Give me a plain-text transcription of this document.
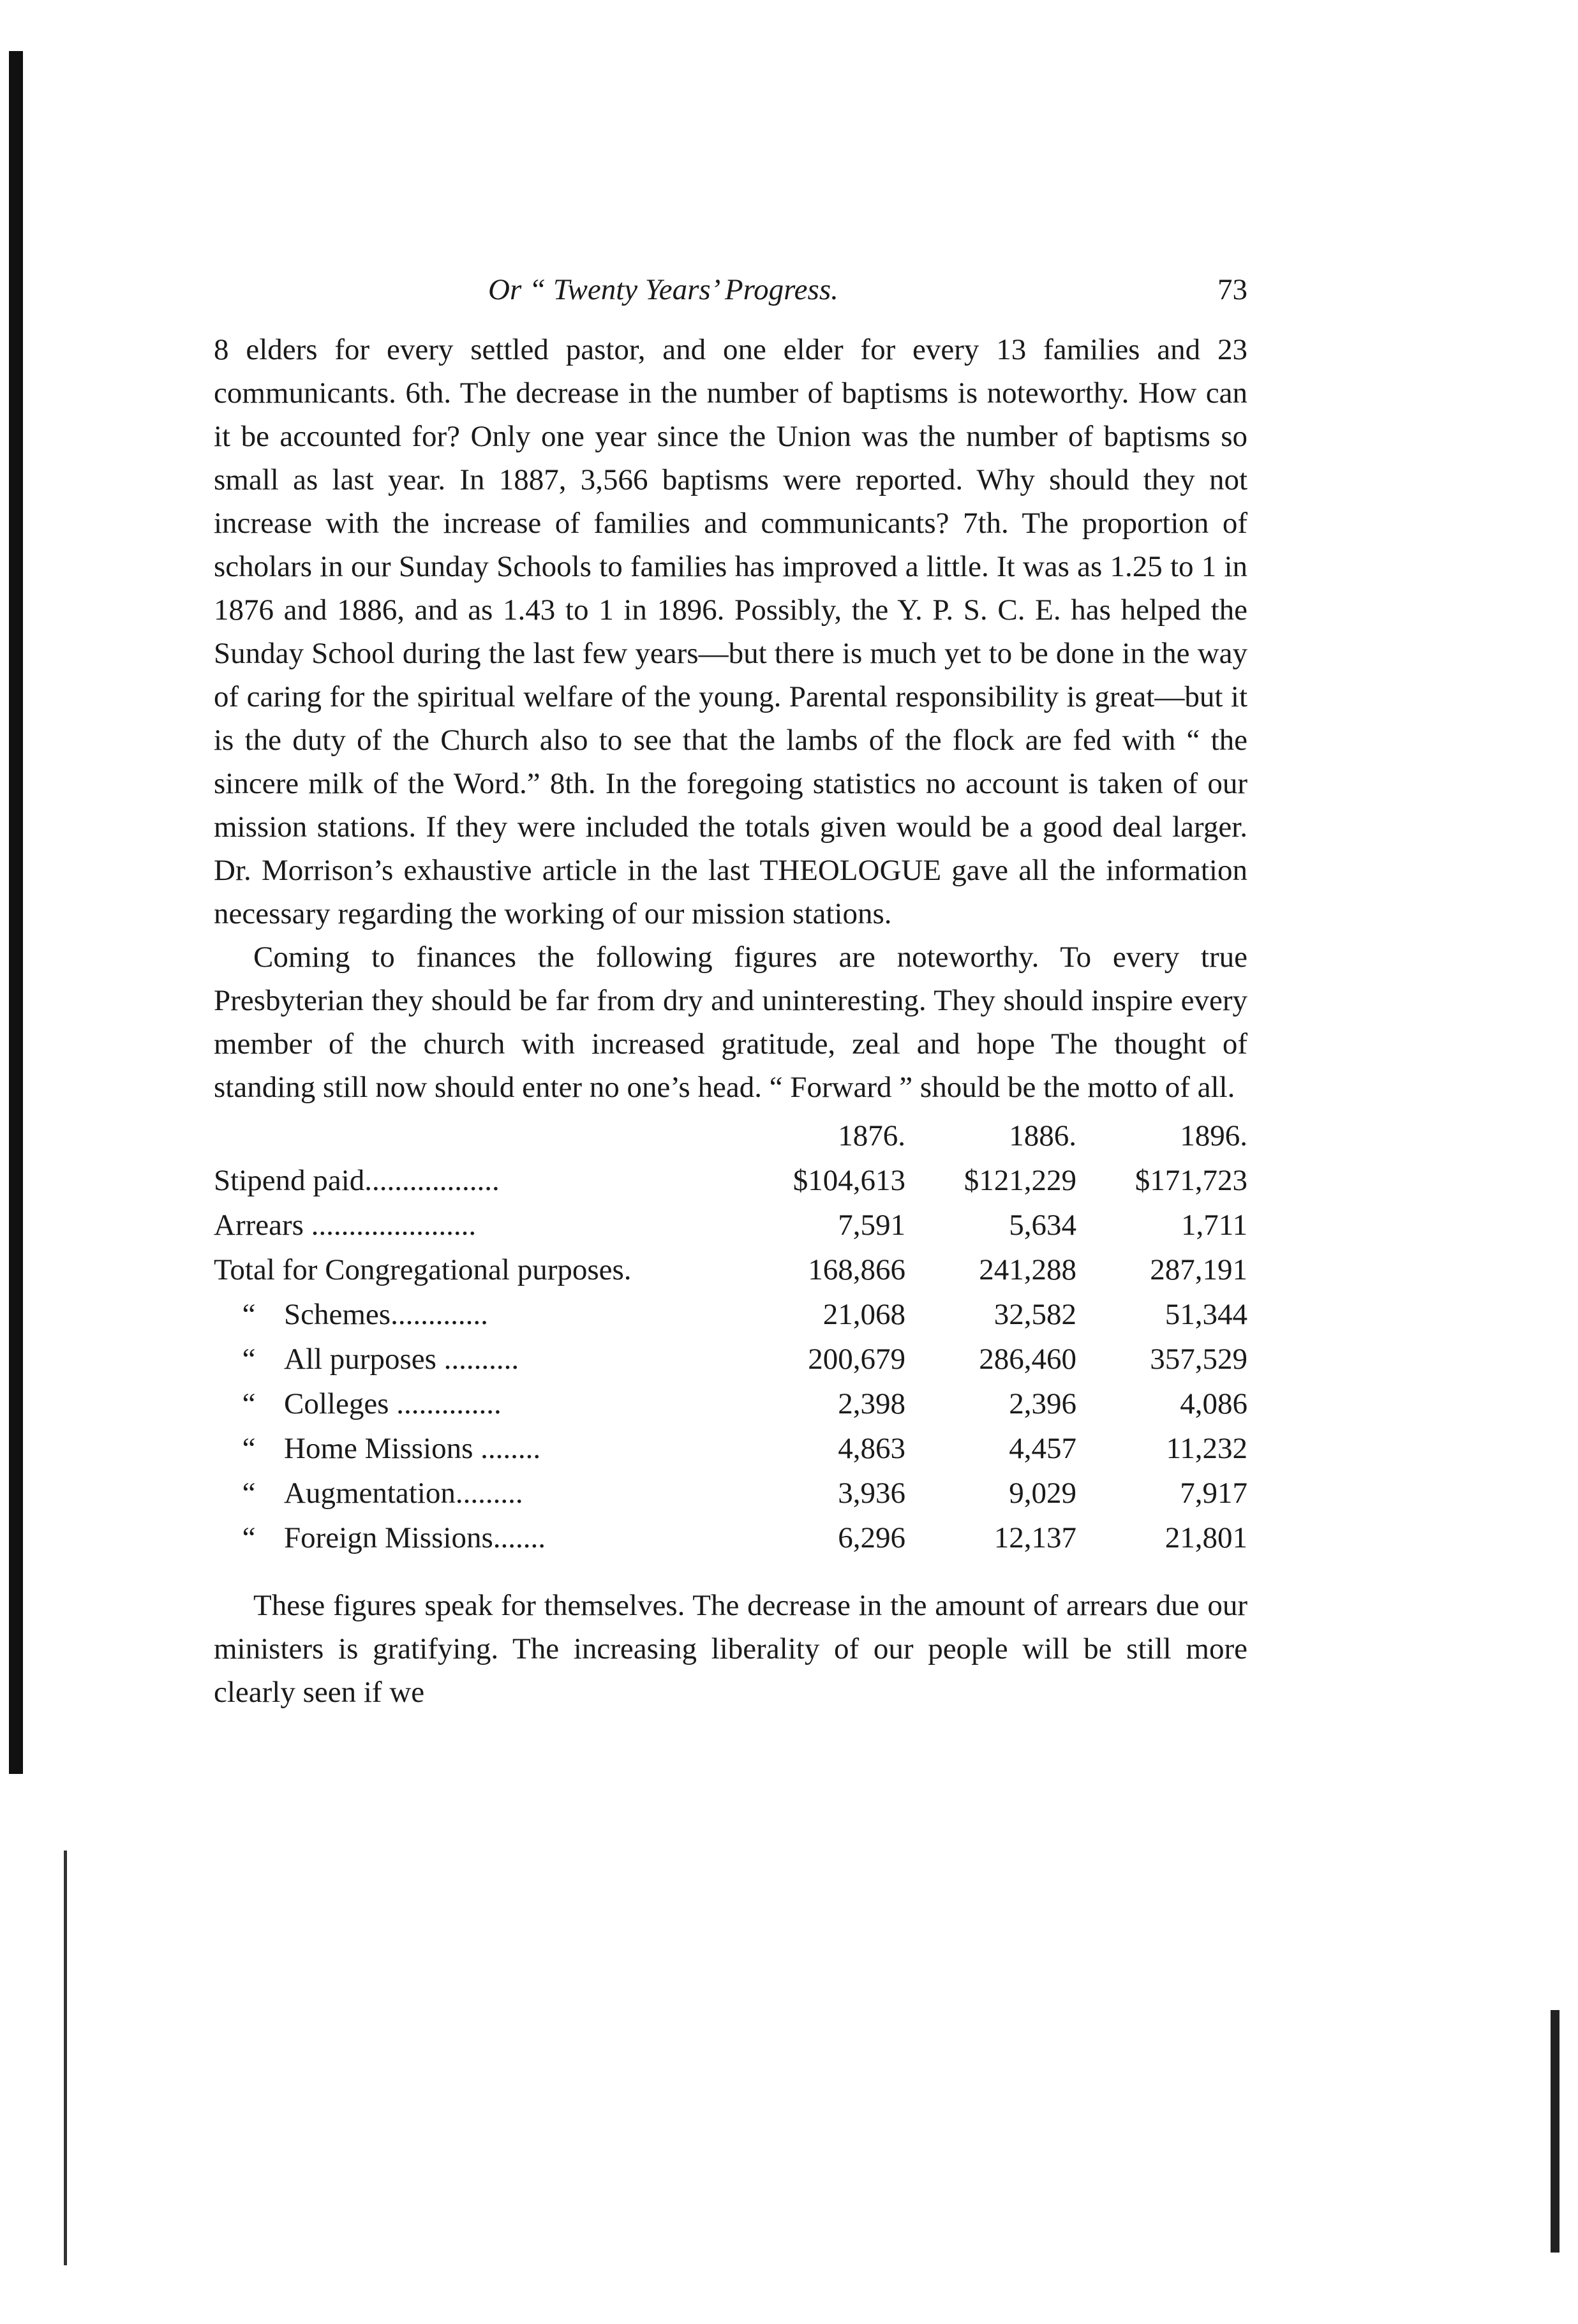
Or “ Twenty Years’ Progress.	73

8 elders for every settled pastor, and one elder for every 13 families and 23 communicants. 6th. The decrease in the number of baptisms is noteworthy. How can it be accounted for? Only one year since the Union was the number of baptisms so small as last year. In 1887, 3,566 baptisms were reported. Why should they not increase with the increase of families and communicants? 7th. The proportion of scholars in our Sunday Schools to families has improved a little. It was as 1.25 to 1 in 1876 and 1886, and as 1.43 to 1 in 1896. Possibly, the Y. P. S. C. E. has helped the Sunday School during the last few years—but there is much yet to be done in the way of caring for the spiritual welfare of the young. Parental responsibility is great—but it is the duty of the Church also to see that the lambs of the flock are fed with “ the sincere milk of the Word.” 8th. In the foregoing statistics no account is taken of our mission stations. If they were included the totals given would be a good deal larger. Dr. Morrison’s exhaustive article in the last THEOLOGUE gave all the information necessary regarding the working of our mission stations.

Coming to finances the following figures are noteworthy. To every true Presbyterian they should be far from dry and uninteresting. They should inspire every member of the church with increased gratitude, zeal and hope The thought of standing still now should enter no one’s head. “ Forward ” should be the motto of all.

1876.	1886.	1896.
Stipend paid..................	$104,613	$121,229	$171,723
Arrears ......................	7,591	5,634	1,711
Total for Congregational purposes.	168,866	241,288	287,191
“ Schemes.............	21,068	32,582	51,344
“ All purposes ..........	200,679	286,460	357,529
“ Colleges ..............	2,398	2,396	4,086
“ Home Missions ........	4,863	4,457	11,232
“ Augmentation.........	3,936	9,029	7,917
“ Foreign Missions.......	6,296	12,137	21,801

These figures speak for themselves. The decrease in the amount of arrears due our ministers is gratifying. The increasing liberality of our people will be still more clearly seen if we
